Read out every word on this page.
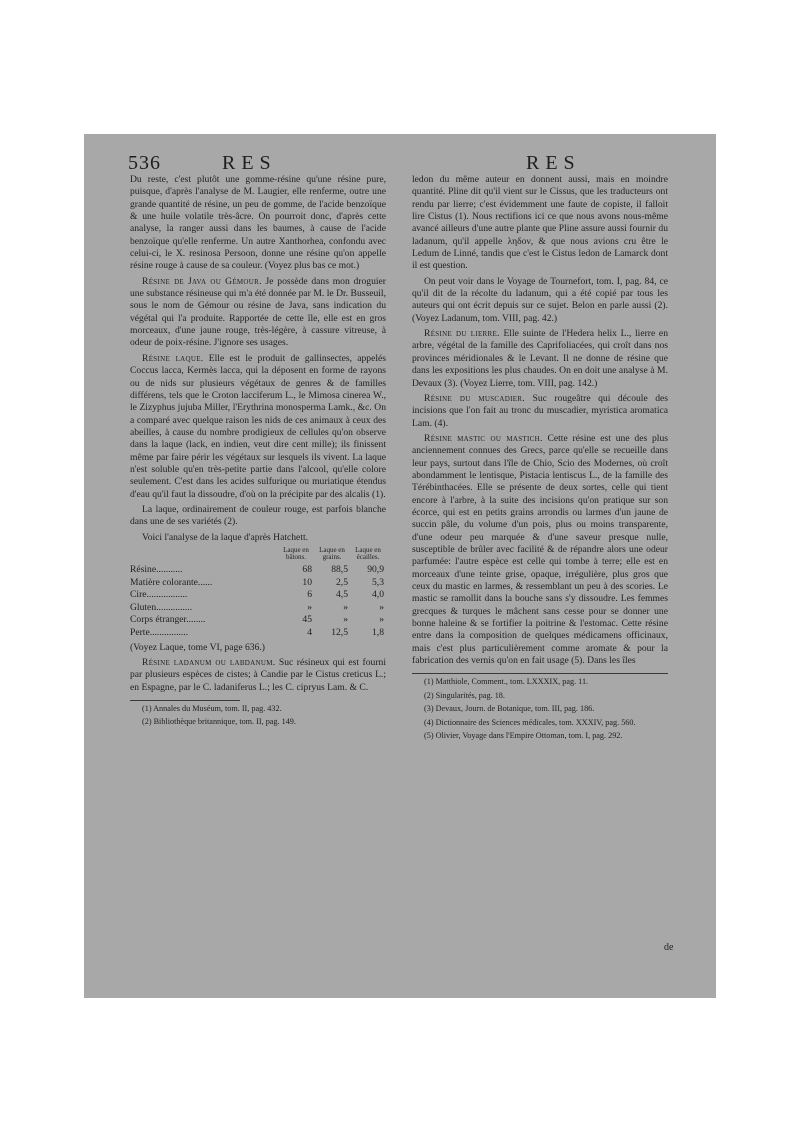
536	RES	RES

Du reste, c'est plutôt une gomme-résine qu'une résine pure, puisque, d'après l'analyse de M. Laugier, elle renferme, outre une grande quantité de résine, un peu de gomme, de l'acide benzoïque & une huile volatile très-âcre. On pourroit donc, d'après cette analyse, la ranger aussi dans les baumes, à cause de l'acide benzoïque qu'elle renferme. Un autre Xanthorhea, confondu avec celui-ci, le X. resinosa Persoon, donne une résine qu'on appelle résine rouge à cause de sa couleur. (Voyez plus bas ce mot.)

Résine de Java ou Gémour. Je possède dans mon droguier une substance résineuse qui m'a été donnée par M. le Dr. Busseuil, sous le nom de Gémour ou résine de Java, sans indication du végétal qui l'a produite. Rapportée de cette île, elle est en gros morceaux, d'une jaune rouge, très-légère, à cassure vitreuse, à odeur de poix-résine. J'ignore ses usages.

Résine laque. Elle est le produit de gallinsectes, appelés Coccus lacca, Kermès lacca, qui la déposent en forme de rayons ou de nids sur plusieurs végétaux de genres & de familles différens, tels que le Croton lacciferum L., le Mimosa cinerea W., le Zizyphus jujuba Miller, l'Erythrina monosperma Lamk., &c. On a comparé avec quelque raison les nids de ces animaux à ceux des abeilles, à cause du nombre prodigieux de cellules qu'on observe dans la laque (lack, en indien, veut dire cent mille); ils finissent même par faire périr les végétaux sur lesquels ils vivent. La laque n'est soluble qu'en très-petite partie dans l'alcool, qu'elle colore seulement. C'est dans les acides sulfurique ou muriatique étendus d'eau qu'il faut la dissoudre, d'où on la précipite par des alcalis (1).

La laque, ordinairement de couleur rouge, est parfois blanche dans une de ses variétés (2).

Voici l'analyse de la laque d'après Hatchett.

	Laque en bâtons.	Laque en grains.	Laque en écailles.
Résine...........	68	88,5	90,9
Matière colorante......	10	2,5	5,3
Cire.................	6	4,5	4,0
Gluten...............	»	»	»
Corps étranger........	45	»	»
Perte................	4	12,5	1,8

(Voyez Laque, tome VI, page 636.)

Résine ladanum ou labdanum. Suc résineux qui est fourni par plusieurs espèces de cistes; à Candie par le Cistus creticus L.; en Espagne, par le C. ladaniferus L.; les C. cipryus Lam. & C.

(1) Annales du Muséum, tom. II, pag. 432.

(2) Bibliothèque britannique, tom. II, pag. 149.

ledon du même auteur en donnent aussi, mais en moindre quantité. Pline dit qu'il vient sur le Cissus, que les traducteurs ont rendu par lierre; c'est évidemment une faute de copiste, il falloit lire Cistus (1). Nous rectifions ici ce que nous avons nous-même avancé ailleurs d'une autre plante que Pline assure aussi fournir du ladanum, qu'il appelle ληδον, & que nous avions cru être le Ledum de Linné, tandis que c'est le Cistus ledon de Lamarck dont il est question.

On peut voir dans le Voyage de Tournefort, tom. I, pag. 84, ce qu'il dit de la récolte du ladanum, qui a été copié par tous les auteurs qui ont écrit depuis sur ce sujet. Belon en parle aussi (2). (Voyez Ladanum, tom. VIII, pag. 42.)

Résine du lierre. Elle suinte de l'Hedera helix L., lierre en arbre, végétal de la famille des Caprifoliacées, qui croît dans nos provinces méridionales & le Levant. Il ne donne de résine que dans les expositions les plus chaudes. On en doit une analyse à M. Devaux (3). (Voyez Lierre, tom. VIII, pag. 142.)

Résine du muscadier. Suc rougeâtre qui découle des incisions que l'on fait au tronc du muscadier, myristica aromatica Lam. (4).

Résine mastic ou mastich. Cette résine est une des plus anciennement connues des Grecs, parce qu'elle se recueille dans leur pays, surtout dans l'île de Chio, Scio des Modernes, où croît abondamment le lentisque, Pistacia lentiscus L., de la famille des Térébinthacées. Elle se présente de deux sortes, celle qui tient encore à l'arbre, à la suite des incisions qu'on pratique sur son écorce, qui est en petits grains arrondis ou larmes d'un jaune de succin pâle, du volume d'un pois, plus ou moins transparente, d'une odeur peu marquée & d'une saveur presque nulle, susceptible de brûler avec facilité & de répandre alors une odeur parfumée: l'autre espèce est celle qui tombe à terre; elle est en morceaux d'une teinte grise, opaque, irrégulière, plus gros que ceux du mastic en larmes, & ressemblant un peu à des scories. Le mastic se ramollit dans la bouche sans s'y dissoudre. Les femmes grecques & turques le mâchent sans cesse pour se donner une bonne haleine & se fortifier la poitrine & l'estomac. Cette résine entre dans la composition de quelques médicamens officinaux, mais c'est plus particulièrement comme aromate & pour la fabrication des vernis qu'on en fait usage (5). Dans les îles

(1) Matthiole, Comment., tom. LXXXIX, pag. 11.

(2) Singularités, pag. 18.

(3) Devaux, Journ. de Botanique, tom. III, pag. 186.

(4) Dictionnaire des Sciences médicales, tom. XXXIV, pag. 560.

(5) Olivier, Voyage dans l'Empire Ottoman, tom. I, pag. 292.

de
